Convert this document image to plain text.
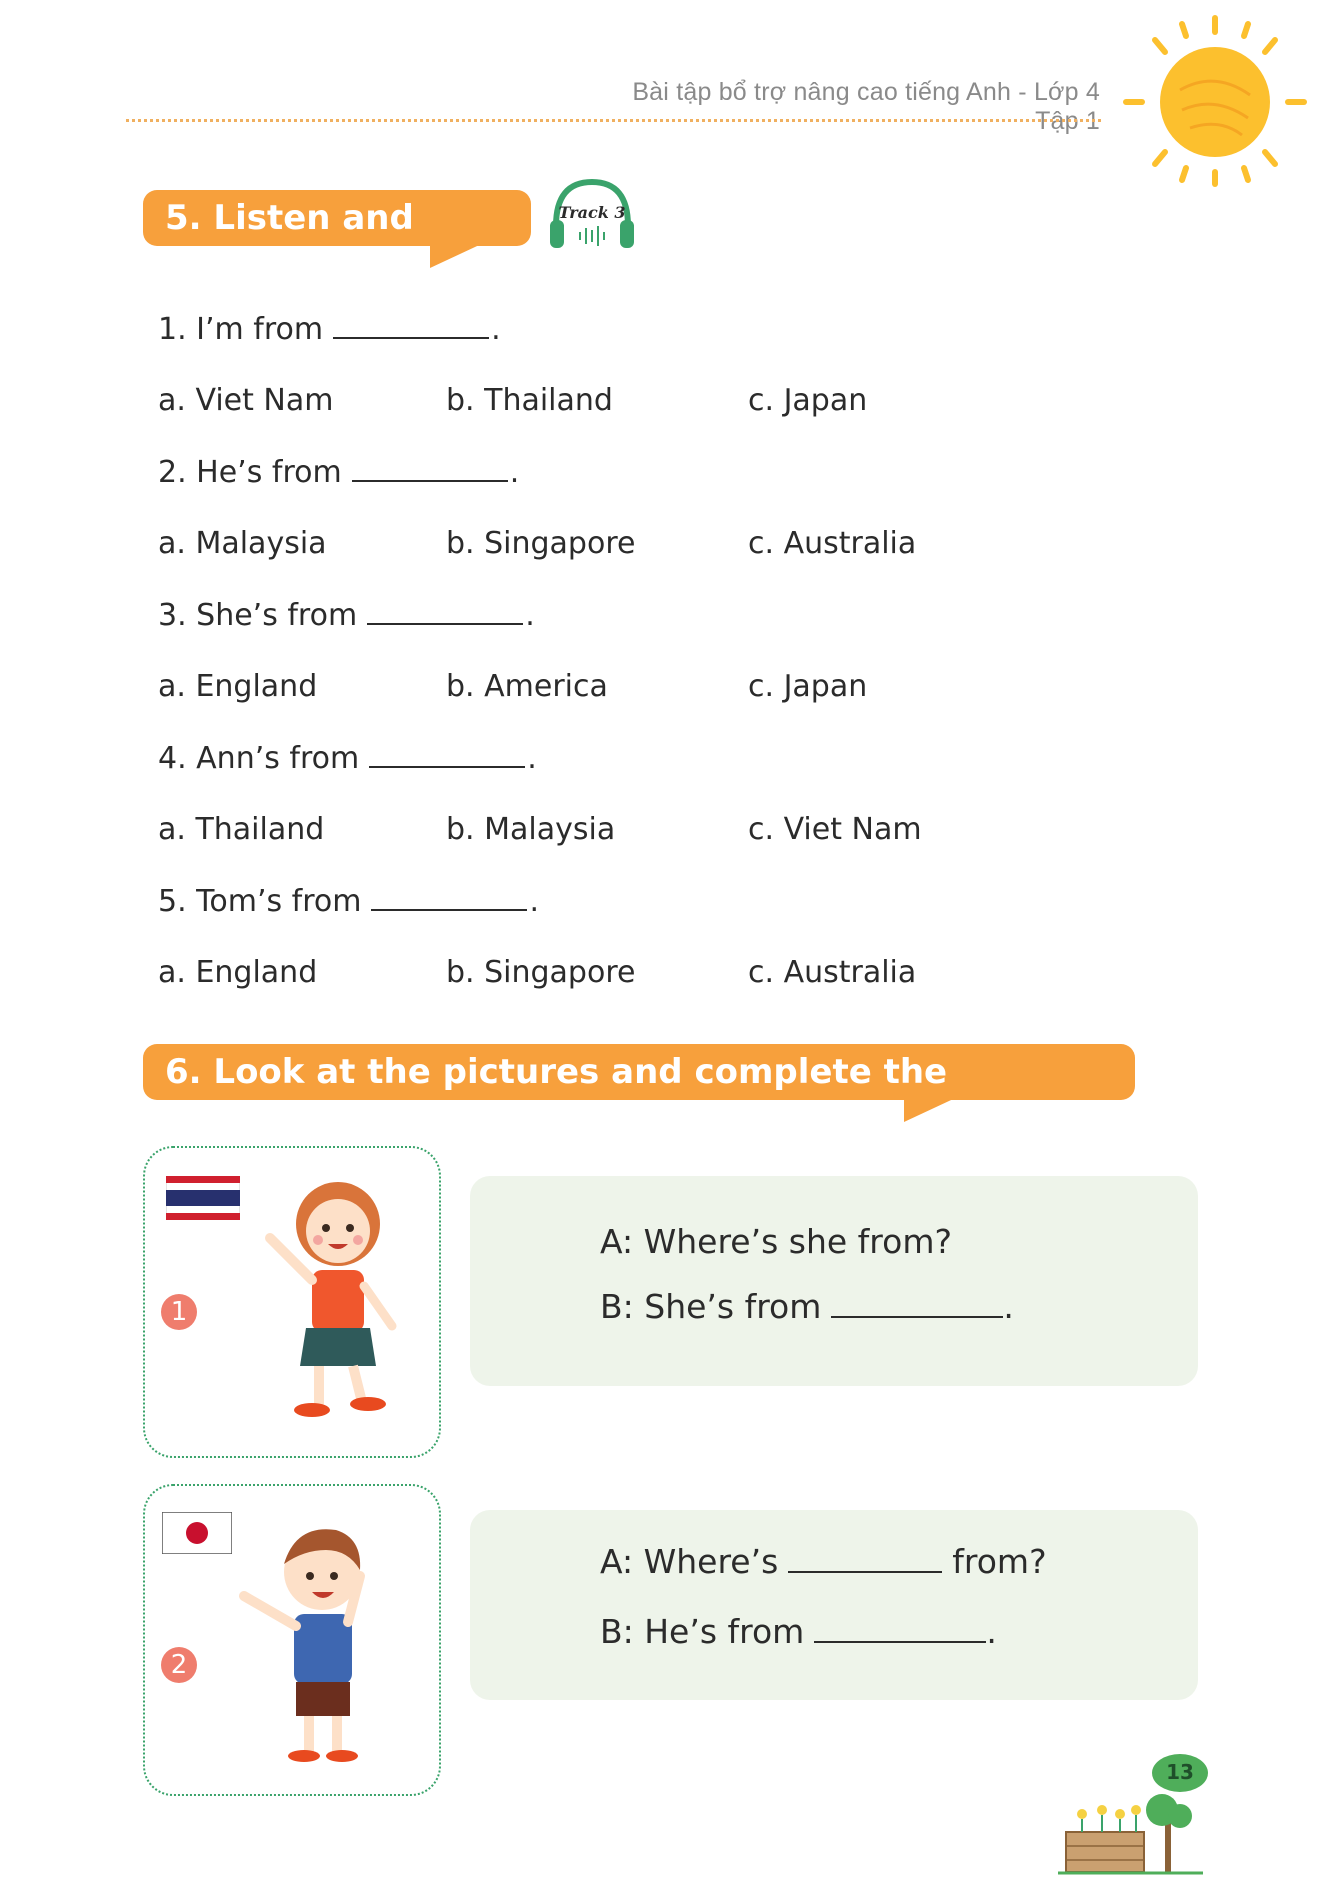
Bài tập bổ trợ nâng cao tiếng Anh - Lớp 4 Tập 1
5. Listen and circle.
Track 3
1. I’m from	.
a. Viet Nam	b. Thailand	c. Japan
2. He’s from	.
a. Malaysia	b. Singapore	c. Australia
3. She’s from	.
a. England	b. America	c. Japan
4. Ann’s from	.
a. Thailand	b. Malaysia	c. Viet Nam
5. Tom’s from	.
a. England	b. Singapore	c. Australia
6. Look at the pictures and complete the sentences.
1
A: Where’s she from?
B: She’s from	.
2
A: Where’s	from?
B: He’s from	.
13
